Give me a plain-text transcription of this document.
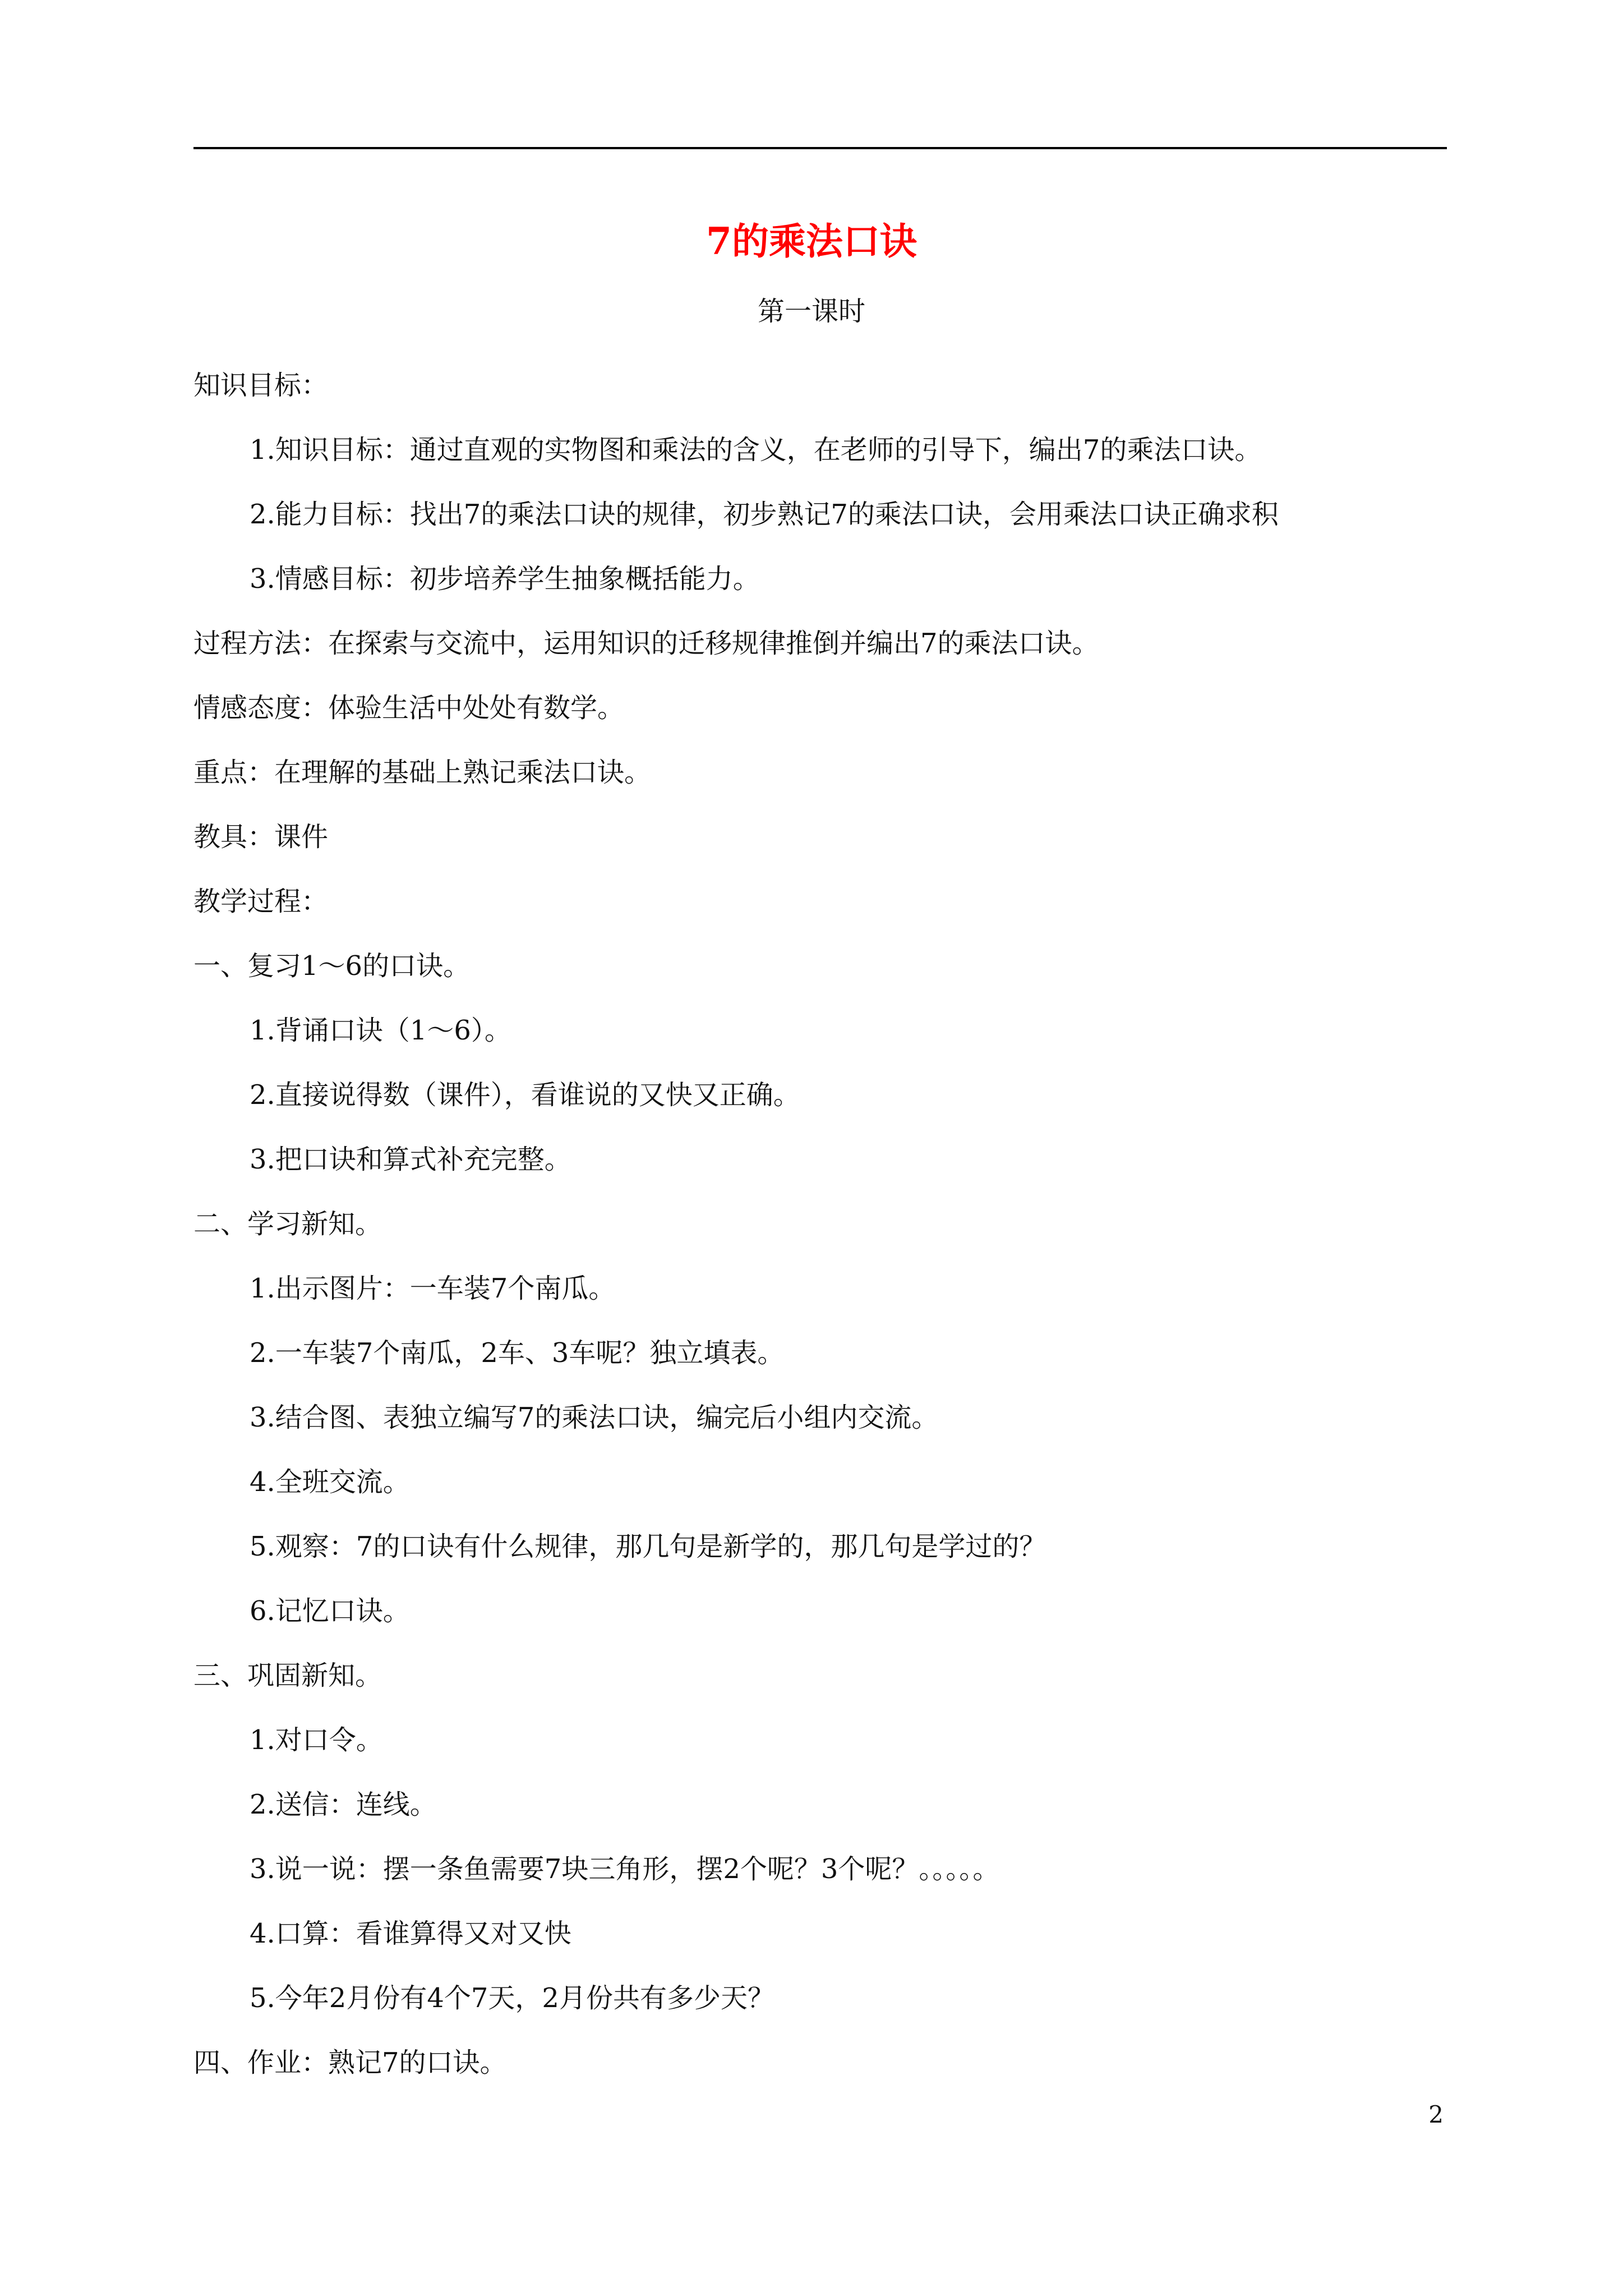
7的乘法口诀
第一课时
知识目标：
1.知识目标：通过直观的实物图和乘法的含义，在老师的引导下，编出7的乘法口诀。
2.能力目标：找出7的乘法口诀的规律，初步熟记7的乘法口诀，会用乘法口诀正确求积
3.情感目标：初步培养学生抽象概括能力。
过程方法：在探索与交流中，运用知识的迁移规律推倒并编出7的乘法口诀。
情感态度：体验生活中处处有数学。
重点：在理解的基础上熟记乘法口诀。
教具：课件
教学过程：
一、复习1～6的口诀。
1.背诵口诀（1～6）。
2.直接说得数（课件），看谁说的又快又正确。
3.把口诀和算式补充完整。
二、学习新知。
1.出示图片：一车装7个南瓜。
2.一车装7个南瓜，2车、3车呢？独立填表。
3.结合图、表独立编写7的乘法口诀，编完后小组内交流。
4.全班交流。
5.观察：7的口诀有什么规律，那几句是新学的，那几句是学过的？
6.记忆口诀。
三、巩固新知。
1.对口令。
2.送信：连线。
3.说一说：摆一条鱼需要7块三角形，摆2个呢？3个呢？。。。。。
4.口算：看谁算得又对又快
5.今年2月份有4个7天，2月份共有多少天？
四、作业：熟记7的口诀。
2
